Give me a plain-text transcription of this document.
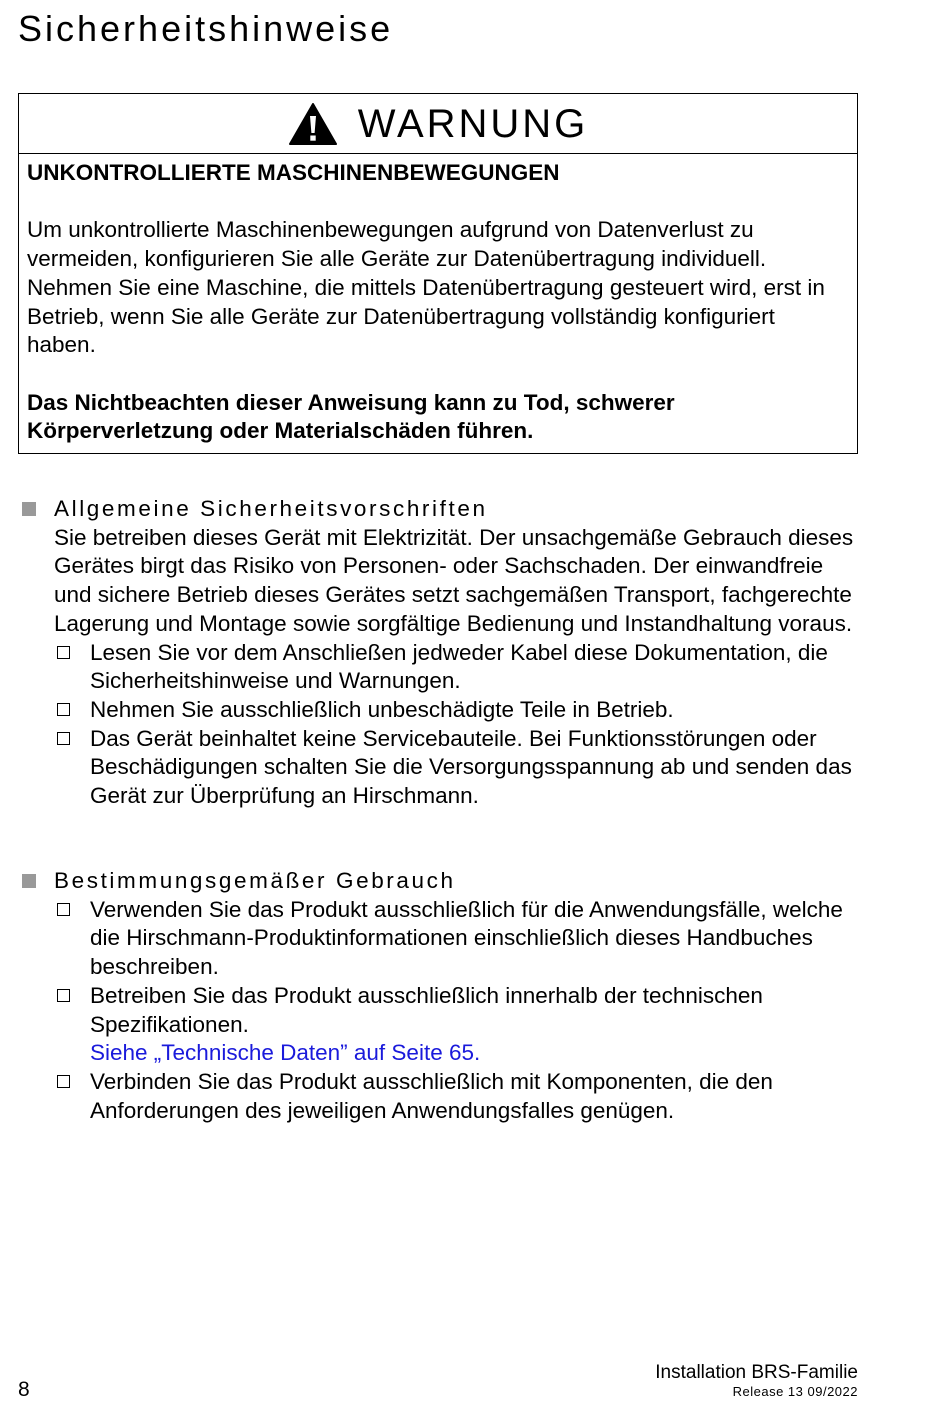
Sicherheitshinweise
WARNUNG

UNKONTROLLIERTE MASCHINENBEWEGUNGEN

Um unkontrollierte Maschinenbewegungen aufgrund von Datenverlust zu vermeiden, konfigurieren Sie alle Geräte zur Datenübertragung individuell. Nehmen Sie eine Maschine, die mittels Datenübertragung gesteuert wird, erst in Betrieb, wenn Sie alle Geräte zur Datenübertragung vollständig konfiguriert haben.

Das Nichtbeachten dieser Anweisung kann zu Tod, schwerer Körperverletzung oder Materialschäden führen.

Allgemeine Sicherheitsvorschriften

Sie betreiben dieses Gerät mit Elektrizität. Der unsachgemäße Gebrauch dieses Gerätes birgt das Risiko von Personen- oder Sachschaden. Der einwandfreie und sichere Betrieb dieses Gerätes setzt sachgemäßen Transport, fachgerechte Lagerung und Montage sowie sorgfältige Bedienung und Instandhaltung voraus.

Lesen Sie vor dem Anschließen jedweder Kabel diese Dokumentation, die Sicherheitshinweise und Warnungen.
Nehmen Sie ausschließlich unbeschädigte Teile in Betrieb.
Das Gerät beinhaltet keine Servicebauteile. Bei Funktionsstörungen oder Beschädigungen schalten Sie die Versorgungsspannung ab und senden das Gerät zur Überprüfung an Hirschmann.
Bestimmungsgemäßer Gebrauch
Verwenden Sie das Produkt ausschließlich für die Anwendungsfälle, welche die Hirschmann-Produktinformationen einschließlich dieses Handbuches beschreiben.
Betreiben Sie das Produkt ausschließlich innerhalb der technischen Spezifikationen.
Siehe „Technische Daten” auf Seite 65.
Verbinden Sie das Produkt ausschließlich mit Komponenten, die den Anforderungen des jeweiligen Anwendungsfalles genügen.
Installation BRS-Familie
Release 13 09/2022
8
